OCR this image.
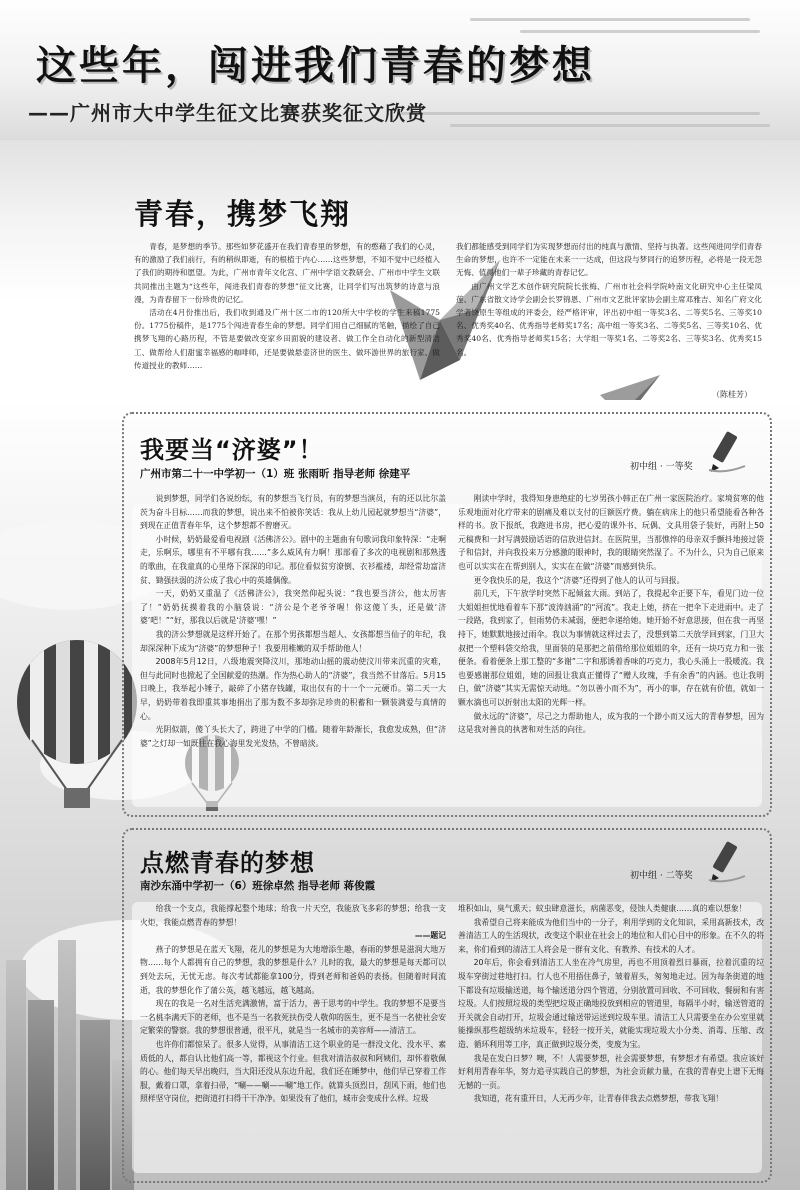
这些年，闯进我们青春的梦想
——广州市大中学生征文比赛获奖征文欣赏
青春，携梦飞翔

青春，是梦想的季节。那些如梦花盛开在我们青春里的梦想，有的憨藉了我们的心灵，有的激励了我们前行，有的稍纵即逝，有的根植于内心……这些梦想，不知不觉中已经植入了我们的期待和愿望。为此，广州市青年文化宫、广州中学语文教研会、广州市中学生文联共同推出主题为“这些年，闯进我们青春的梦想”征文比赛，让同学们写出筑梦的诗意与浪漫，为青春留下一份珍贵的记忆。

活动在4月份推出后，我们收到通及广州十区二市的120所大中学校的学生来稿1775份。1775份稿件，是1775个闯进青春生命的梦想。同学们用自己细腻的笔触，描绘了自己携梦飞翔的心路历程，不管是要做改变家乡田面貌的建设者、做工作全自动化的新型清洁工、做帮给人们甜蜜幸福感的咖啡师，还是要做悬壶济世的医生、做环游世界的旅行家、做传道授业的教师……

我们都能感受到同学们为实现梦想而付出的纯真与激情、坚持与执著。这些闯进同学们青春生命的梦想，也许不一定能在未来一一达成，但这段与梦同行的追梦历程，必将是一段无怨无悔、值得他们一辈子珍藏的青春记忆。

由广州文学艺术创作研究院院长张梅、广州市社会科学院岭南文化研究中心主任梁凤莲、广东省散文诗学会副会长罗锦恩、广州市文艺批评家协会副主席邓雅吉、知名广府文化学者饶原生等组成的评委会，经严格评审，评出初中组一等奖3名、二等奖5名、三等奖10名、优秀奖40名、优秀指导老师奖17名；高中组一等奖3名、二等奖5名、三等奖10名、优秀奖40名、优秀指导老师奖15名；大学组一等奖1名、二等奖2名、三等奖3名、优秀奖15名。

（陈桂芳）
我要当“济婆”！
广州市第二十一中学初一（1）班 张雨昕 指导老师 徐建平
初中组 · 一等奖

说到梦想，同学们各说纷纭，有的梦想当飞行员，有的梦想当演员，有的还以比尔盖茨为奋斗目标……而我的梦想，说出来不怕被你笑话：我从上幼儿园起就梦想当“济婆”，到现在正值青春年华，这个梦想都不曾磨灭。

小时候，奶奶最爱看电视剧《活佛济公》。剧中的主题曲有句歌词我印象特深：“走啊走，乐啊乐，哪里有不平哪有我……”多么威风有力啊！那部看了多次的电视剧和那熟透的歌曲，在我童真的心里烙下深深的印记。那位看似贫穷潦倒、衣衫褴褛，却经常劫富济贫、锄强扶弱的济公成了我心中的英雄偶像。

一天，奶奶又重温了《活佛济公》，我突然仰起头说：“我也要当济公，他太厉害了！”奶奶抚摸着我的小脑袋说：“济公是个老爷爷喔！你这傻丫头，还是做‘济婆’吧！”“好，那我以后就是‘济婆’嘿！”

我的济公梦想就是这样开始了。在那个男孩都想当超人、女孩都想当仙子的年纪，我却深深种下成为“济婆”的梦想种子！我要用稚嫩的双手帮助他人！

2008年5月12日，八级地震突降汶川，那地动山摇的震动使汶川带来沉重的灾难，但与此同时也掀起了全国献爱的热潮。作为热心助人的“济婆”，我当然不甘落后。5月15日晚上，我举起小锤子，敲碎了小猪存钱罐，取出仅有的十一个一元硬币。第二天一大早，奶奶带着我即重其事地捐出了那为数不多却弥足珍贵的积蓄和一颗装满爱与真情的心。

光阴似箭，傻丫头长大了，跨进了中学的门槛。随着年龄渐长，我愈发成熟，但“济婆”之灯却一如既往在我心海里发光发热，不曾暗淡。

刚读中学时，我得知身患绝症的七岁男孩小韩正在广州一家医院治疗。家境贫寒的他乐观地面对化疗带来的剧痛及难以支付的巨额医疗费。躺在病床上的他只希望能看各种各样的书。放下报纸，我跑进书房，把心爱的课外书、玩偶、文具用袋子装好，再附上50元稿费和一封写满鼓励话语的信放进信封。在医院里，当那憔悴的母亲双手颤抖地接过袋子和信封，并向我投来万分感激的眼神时，我的眼睛突然湿了。不为什么，只为自己原来也可以实实在在帮到别人，实实在在做“济婆”而感到快乐。

更令我快乐的是，我这个“济婆”还得到了他人的认可与回报。

前几天，下午放学时突然下起倾盆大雨。到站了，我提起伞正要下车，看见门边一位大姐姐担忧地看着车下那“波涛汹涌”的“河流”。我走上她，挤在一把伞下走进雨中。走了一段路，我到家了，但雨势仍未减弱，便把伞递给她。她开始不好意思接，但在我一再坚持下，她默默地接过雨伞。我以为事情就这样过去了，没想到第二天放学回到家，门卫大叔把一个塑料袋交给我，里面装的是那把之前借给那位姐姐的伞，还有一块巧克力和一张便条。看着便条上那工整的“多谢”二字和那诱着香味的巧克力，我心头涌上一股暖流。我也要感谢那位姐姐，她的回报让我真正懂得了“赠人玫瑰，手有余香”的内涵。也让我明白，做“济婆”其实无需惊天动地。“勿以善小而不为”，再小的事，存在就有价值，就如一颗水滴也可以折射出太阳的光辉一样。

做永远的“济婆”，尽己之力帮助他人，成为我的一个渺小而又远大的青春梦想，因为这是我对善良的执著和对生活的向往。

点燃青春的梦想
南沙东涌中学初一（6）班徐卓然 指导老师 蒋俊霞
初中组 · 二等奖

给我一个支点，我能撑起整个地球；给我一片天空，我能放飞多彩的梦想；给我一支火炬，我能点燃青春的梦想！

——题记

燕子的梦想是在蓝天飞翔，花儿的梦想是为大地增添生趣，春雨的梦想是滋润大地万物……每个人都拥有自己的梦想，我的梦想是什么？儿时的我，最大的梦想是每天都可以到处去玩，无忧无虑。每次考试都能拿100分，得到老师和爸妈的表扬。但随着时间流逝，我的梦想化作了蒲公英，越飞越远，越飞越高。

现在的我是一名对生活充满激情，富于活力，善于思考的中学生。我的梦想不是要当一名桃李满天下的老师，也不是当一名救死扶伤受人敬仰的医生，更不是当一名使社会安定繁荣的警察。我的梦想很普通，很平凡，就是当一名城市的美容师——清洁工。

也许你们都惊呆了。很多人觉得，从事清洁工这个职业的是一群没文化、没水平、素质低的人，都自认比他们高一等，都视这个行业。但我对清洁叔叔和阿姨们，却怀着敬佩的心。他们每天早出晚归，当大阳还没从东边升起，我们还在睡梦中，他们早已穿着工作服，戴着口罩，拿着扫帚，“唰——唰——唰”地工作。就算头顶烈日，刮风下雨，他们也照样坚守岗位，把街道打扫得干干净净。如果没有了他们，城市会变成什么样。垃圾

堆积如山，臭气熏天；蚊虫肆意滋长，病菌恶变，侵蚀人类健康……真的难以想象！

我希望自己将来能成为他们当中的一分子，利用学到的文化知识，采用高新技术，改善清洁工人的生活现状，改变这个职业在社会上的地位和人们心目中的形象。在不久的将来，你们看到的清洁工人将会是一群有文化、有教养、有技术的人才。

20年后，你会看到清洁工人坐在冷气房里，再也不用顶着烈日暴雨，拉着沉重的垃圾车穿街过巷地打扫。行人也不用捂住鼻子，皱着眉头，匆匆地走过。因为每条街道的地下都设有垃圾输送道，每个输送道分四个管道，分别放置可回收、不可回收、餐厨和有害垃圾。人们按照垃圾的类型把垃圾正确地投放到相应的管道里，每隔半小时，输送管道的开关就会自动打开，垃圾会通过输送带运送到垃圾车里。清洁工人只需要坐在办公室里就能操纵那些超级纳米垃圾车，轻轻一按开关，就能实现垃圾大小分类、消毒、压缩、改造、循环利用等工序，真正做到垃圾分类，变废为宝。

我是在发白日梦？噢，不！人需要梦想，社会需要梦想，有梦想才有希望。我应该好好利用青春年华，努力追寻实践自己的梦想，为社会贡献力量，在我的青春史上谱下无悔无憾的一页。

我知道，花有重开日，人无再少年，让青春伴我去点燃梦想，带我飞翔！
